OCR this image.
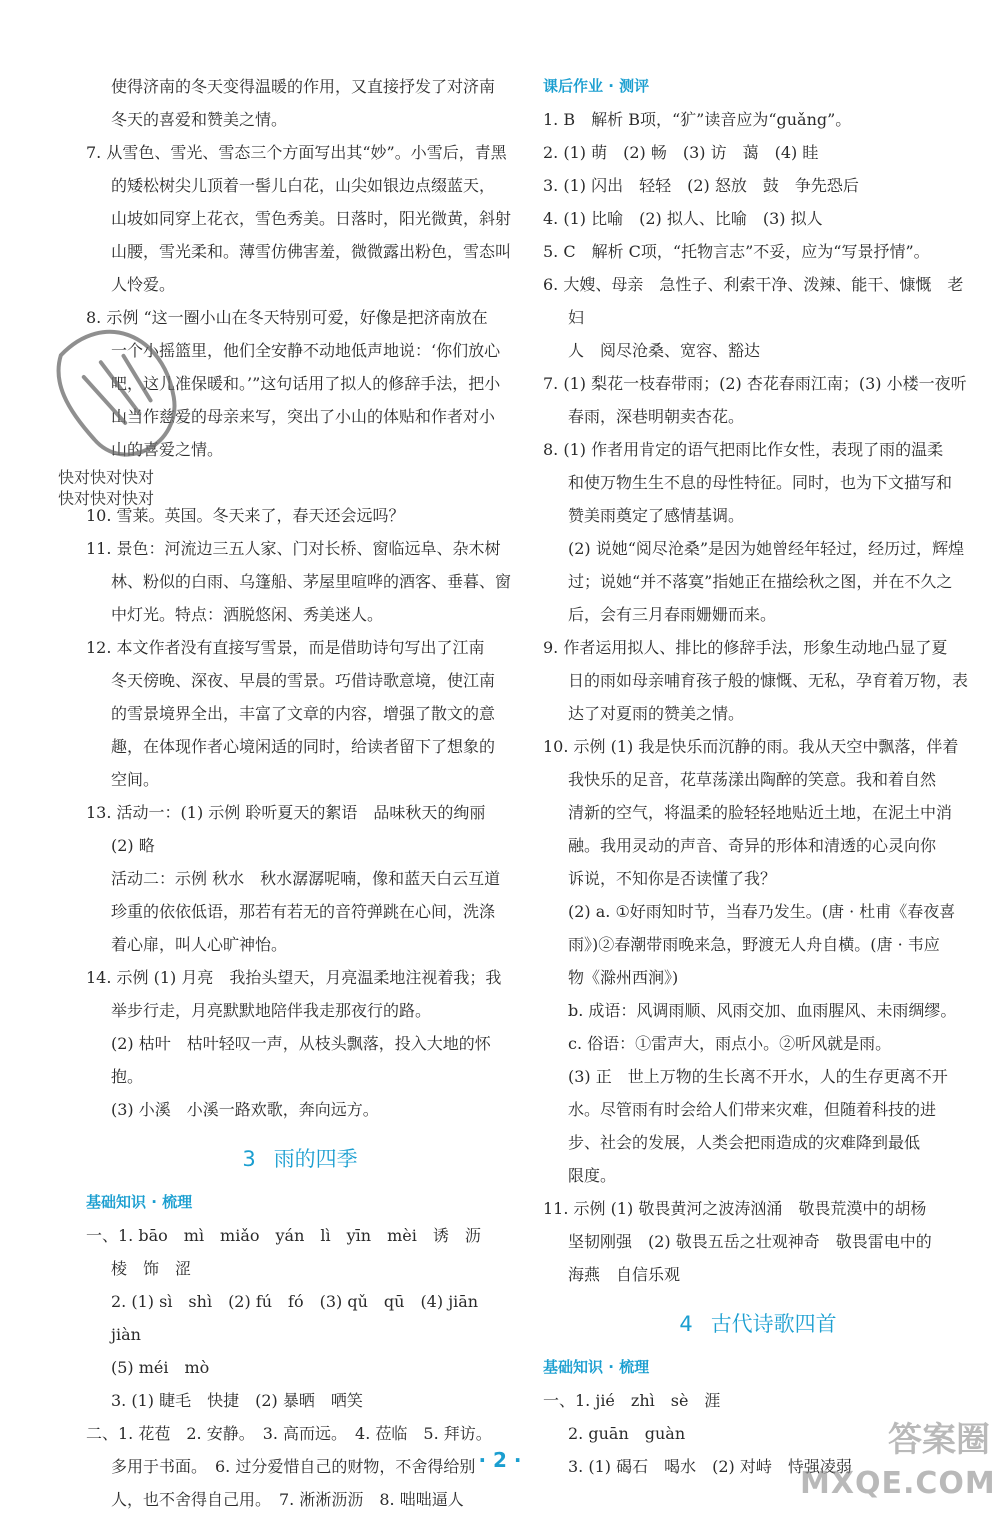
使得济南的冬天变得温暖的作用，又直接抒发了对济南

冬天的喜爱和赞美之情。

7. 从雪色、雪光、雪态三个方面写出其“妙”。小雪后，青黑

的矮松树尖儿顶着一髻儿白花，山尖如银边点缀蓝天，

山坡如同穿上花衣，雪色秀美。日落时，阳光微黄，斜射

山腰，雪光柔和。薄雪仿佛害羞，微微露出粉色，雪态叫

人怜爱。

8. 示例 “这一圈小山在冬天特别可爱，好像是把济南放在

一个小摇篮里，他们全安静不动地低声地说：‘你们放心

吧，这儿准保暖和。’”这句话用了拟人的修辞手法，把小

山当作慈爱的母亲来写，突出了小山的体贴和作者对小

山的喜爱之情。

10. 雪莱。英国。冬天来了，春天还会远吗？

11. 景色：河流边三五人家、门对长桥、窗临远阜、杂木树

林、粉似的白雨、乌篷船、茅屋里喧哗的酒客、垂暮、窗

中灯光。特点：洒脱悠闲、秀美迷人。

12. 本文作者没有直接写雪景，而是借助诗句写出了江南

冬天傍晚、深夜、早晨的雪景。巧借诗歌意境，使江南

的雪景境界全出，丰富了文章的内容，增强了散文的意

趣，在体现作者心境闲适的同时，给读者留下了想象的

空间。

13. 活动一：(1) 示例 聆听夏天的絮语　品味秋天的绚丽

(2) 略

活动二：示例 秋水　秋水潺潺呢喃，像和蓝天白云互道

珍重的依依低语，那若有若无的音符弹跳在心间，洗涤

着心扉，叫人心旷神怡。

14. 示例 (1) 月亮　我抬头望天，月亮温柔地注视着我；我

举步行走，月亮默默地陪伴我走那夜行的路。

(2) 枯叶　枯叶轻叹一声，从枝头飘落，投入大地的怀抱。

(3) 小溪　小溪一路欢歌，奔向远方。

3 雨的四季

基础知识 · 梳理

一、1. bāo　mì　miǎo　yán　lì　yīn　mèi　诱　沥

棱　饰　涩

2. (1) sì　shì　(2) fú　fó　(3) qǔ　qū　(4) jiān　jiàn

(5) méi　mò

3. (1) 睫毛　快捷　(2) 暴晒　哂笑

二、1. 花苞　2. 安静。　3. 高而远。　4. 莅临　5. 拜访。

多用于书面。　6. 过分爱惜自己的财物，不舍得给别

人，也不舍得自己用。　7. 淅淅沥沥　8. 咄咄逼人

课后作业 · 测评

1. B　解析 B项，“犷”读音应为“guǎng”。

2. (1) 萌　(2) 畅　(3) 访　蔼　(4) 眭

3. (1) 闪出　轻轻　(2) 怒放　鼓　争先恐后

4. (1) 比喻　(2) 拟人、比喻　(3) 拟人

5. C　解析 C项，“托物言志”不妥，应为“写景抒情”。

6. 大嫂、母亲　急性子、利索干净、泼辣、能干、慷慨　老妇

人　阅尽沧桑、宽容、豁达

7. (1) 梨花一枝春带雨；(2) 杏花春雨江南；(3) 小楼一夜听

春雨，深巷明朝卖杏花。

8. (1) 作者用肯定的语气把雨比作女性，表现了雨的温柔

和使万物生生不息的母性特征。同时，也为下文描写和

赞美雨奠定了感情基调。

(2) 说她“阅尽沧桑”是因为她曾经年轻过，经历过，辉煌

过；说她“并不落寞”指她正在描绘秋之图，并在不久之

后，会有三月春雨姗姗而来。

9. 作者运用拟人、排比的修辞手法，形象生动地凸显了夏

日的雨如母亲哺育孩子般的慷慨、无私，孕育着万物，表

达了对夏雨的赞美之情。

10. 示例 (1) 我是快乐而沉静的雨。我从天空中飘落，伴着

我快乐的足音，花草荡漾出陶醉的笑意。我和着自然

清新的空气，将温柔的脸轻轻地贴近土地，在泥土中消

融。我用灵动的声音、奇异的形体和清透的心灵向你

诉说，不知你是否读懂了我？

(2) a. ①好雨知时节，当春乃发生。(唐 · 杜甫《春夜喜

雨》)②春潮带雨晚来急，野渡无人舟自横。(唐 · 韦应

物《滁州西涧》)

b. 成语：风调雨顺、风雨交加、血雨腥风、未雨绸缪。

c. 俗语：①雷声大，雨点小。②听风就是雨。

(3) 正　世上万物的生长离不开水，人的生存更离不开

水。尽管雨有时会给人们带来灾难，但随着科技的进

步、社会的发展，人类会把雨造成的灾难降到最低

限度。

11. 示例 (1) 敬畏黄河之波涛汹涌　敬畏荒漠中的胡杨

坚韧刚强　(2) 敬畏五岳之壮观神奇　敬畏雷电中的

海燕　自信乐观

4 古代诗歌四首

基础知识 · 梳理

一、1. jié　zhì　sè　涯

2. guān　guàn

3. (1) 碣石　喝水　(2) 对峙　恃强凌弱

快对快对快对
快对快对快对
· 2 ·	答案圈
MXQE.COM
